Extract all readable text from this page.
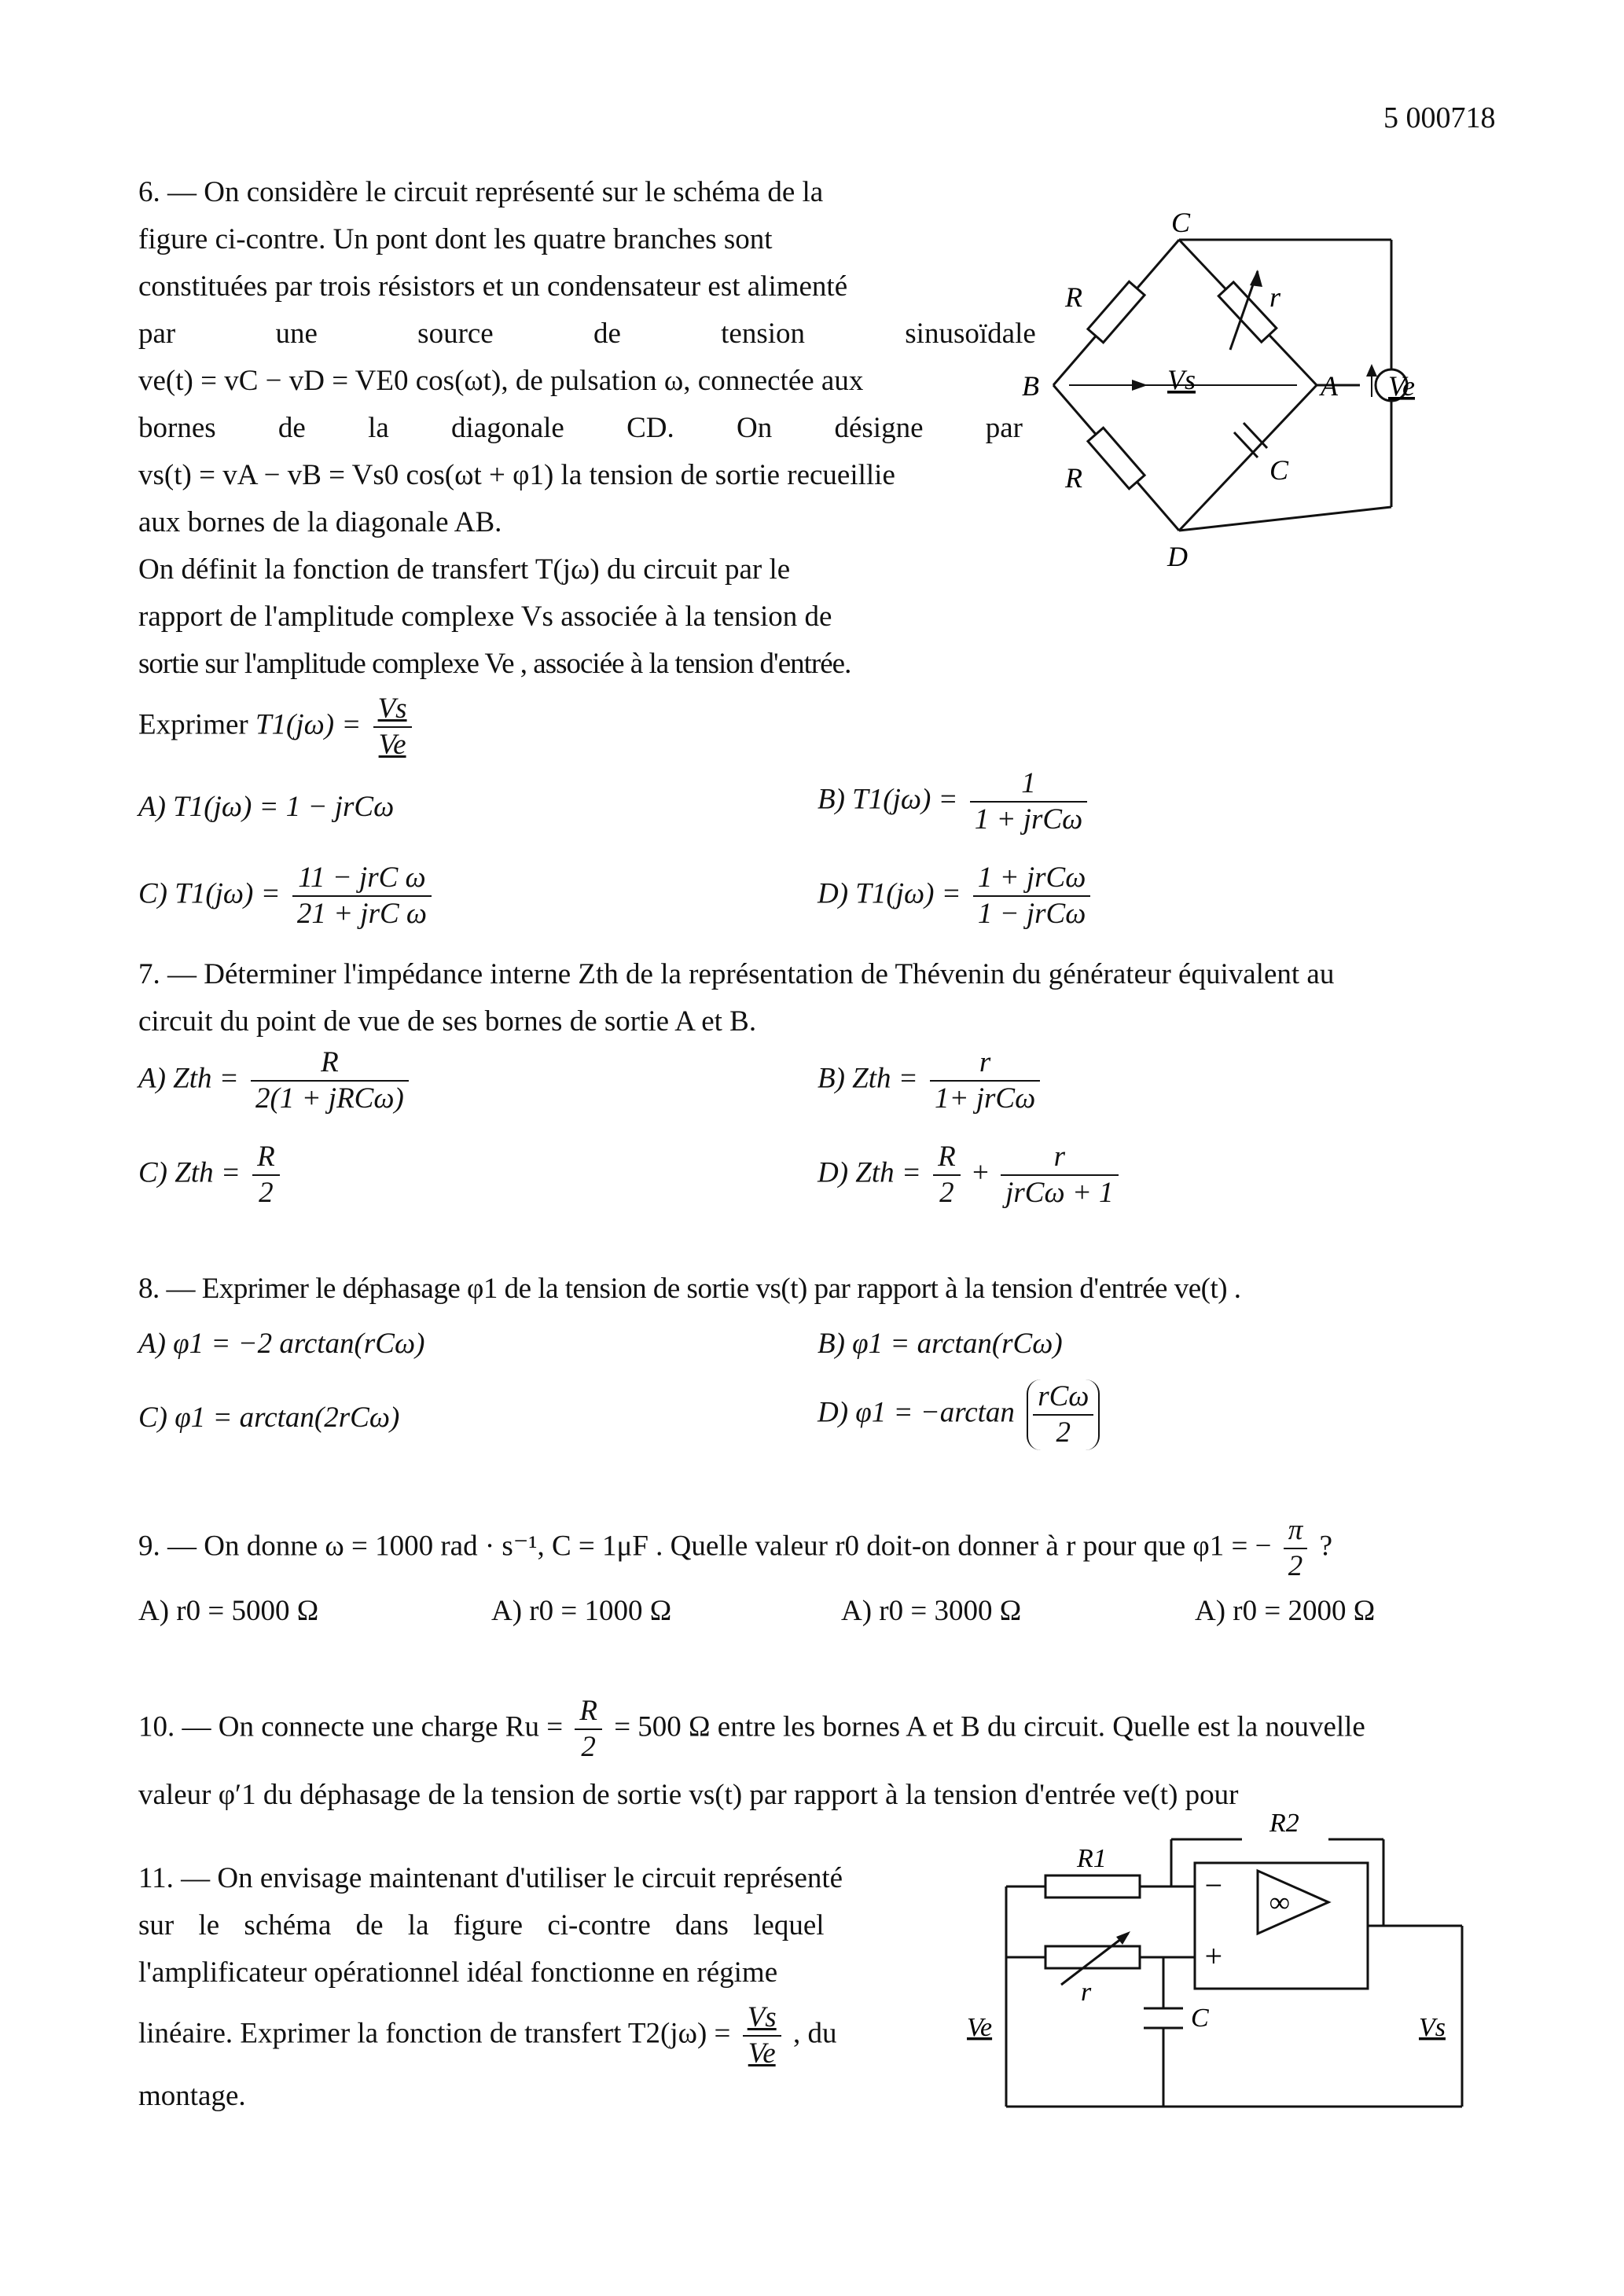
5 000718
6. — On considère le circuit représenté sur le schéma de la
figure ci-contre. Un pont dont les quatre branches sont
constituées par trois résistors et un condensateur est alimenté
par une source de tension sinusoïdale
ve(t) = vC − vD = VE0 cos(ωt), de pulsation ω, connectée aux
bornes de la diagonale CD. On désigne par
vs(t) = vA − vB = Vs0 cos(ωt + φ1) la tension de sortie recueillie
aux bornes de la diagonale AB.
On définit la fonction de transfert T(jω) du circuit par le
rapport de l'amplitude complexe Vs associée à la tension de
sortie sur l'amplitude complexe Ve , associée à la tension d'entrée.
C
B	A
D
R
R
r
C
Vs	Ve
Exprimer $T1(j\omega) = \frac{Vs}{Ve}$
A) T1(jω) = 1 − jrCω	B) $T1(j\omega) = \frac{1}{\text{1 + jrCω}}$
C) $T1(j\omega) = \frac{\text{11 − jrC ω}}{\text{21 + jrC ω}}$	D) $T1(j\omega) = \frac{\text{1 + jrCω}}{\text{1 − jrCω}}$
7. — Déterminer l'impédance interne Zth de la représentation de Thévenin du générateur équivalent au
circuit du point de vue de ses bornes de sortie A et B.
A) Zth = $\frac{R}{\text{2(1 + jRCω)}}$	B) Zth = $\frac{r}{\text{1+ jrCω}}$
C) Zth = $\frac{R}{2}$	D) Zth = $\frac{R}{2} + \frac{r}{\text{jrCω + 1}}$
8. — Exprimer le déphasage φ1 de la tension de sortie vs(t) par rapport à la tension d'entrée ve(t) .
A) φ1 = −2 arctan(rCω)	B) φ1 = arctan(rCω)
C) φ1 = arctan(2rCω)	D) $\varphi 1 = -\arctan \frac{\text{rCω}}{2}$
9. — On donne ω = 1000 rad · s⁻¹, C = 1μF . Quelle valeur r0 doit-on donner à r pour que φ1 = − $\frac{\pi}{2}$ ?
A) r0 = 5000 Ω	A) r0 = 1000 Ω	A) r0 = 3000 Ω	A) r0 = 2000 Ω
10. — On connecte une charge $Ru = \frac{R}{2} = 500$ Ω entre les bornes A et B du circuit. Quelle est la nouvelle
valeur φ′1 du déphasage de la tension de sortie vs(t) par rapport à la tension d'entrée ve(t) pour
11. — On envisage maintenant d'utiliser le circuit représenté
sur le schéma de la figure ci-contre dans lequel
l'amplificateur opérationnel idéal fonctionne en régime
linéaire. Exprimer la fonction de transfert $T2(j\omega) = \frac{Vs}{Ve}$ , du
montage.
R1
R2
r
C
Ve	Vs
−
+
∞
